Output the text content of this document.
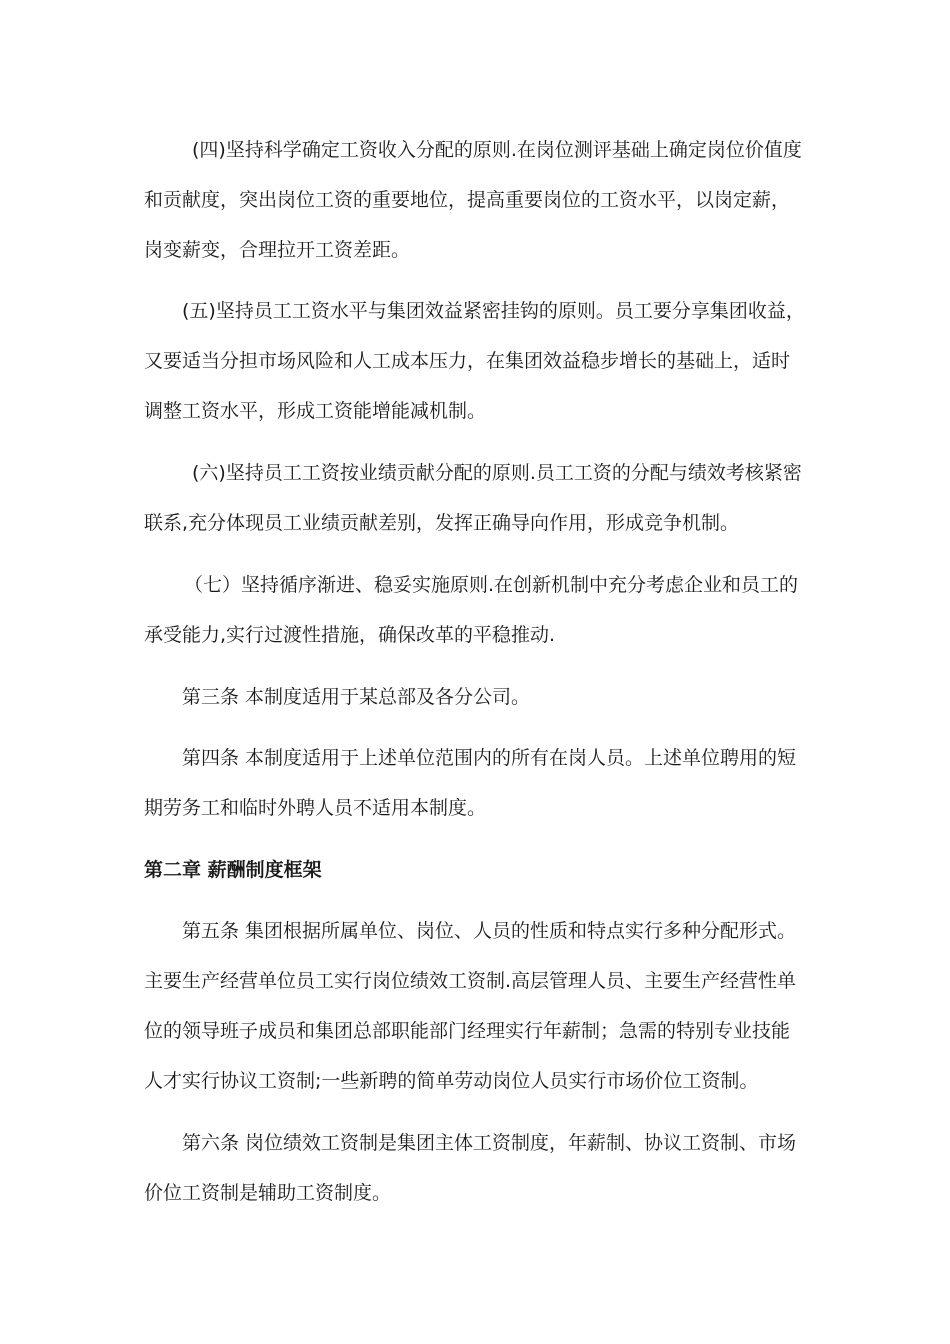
(四)坚持科学确定工资收入分配的原则.在岗位测评基础上确定岗位价值度
和贡献度，突出岗位工资的重要地位，提高重要岗位的工资水平，以岗定薪，
岗变薪变，合理拉开工资差距。
(五)坚持员工工资水平与集团效益紧密挂钩的原则。员工要分享集团收益，
又要适当分担市场风险和人工成本压力，在集团效益稳步增长的基础上，适时
调整工资水平，形成工资能增能减机制。
(六)坚持员工工资按业绩贡献分配的原则.员工工资的分配与绩效考核紧密
联系,充分体现员工业绩贡献差别，发挥正确导向作用，形成竞争机制。
（七）坚持循序渐进、稳妥实施原则.在创新机制中充分考虑企业和员工的
承受能力,实行过渡性措施，确保改革的平稳推动.
第三条 本制度适用于某总部及各分公司。
第四条 本制度适用于上述单位范围内的所有在岗人员。上述单位聘用的短
期劳务工和临时外聘人员不适用本制度。
第二章 薪酬制度框架
第五条 集团根据所属单位、岗位、人员的性质和特点实行多种分配形式。
主要生产经营单位员工实行岗位绩效工资制.高层管理人员、主要生产经营性单
位的领导班子成员和集团总部职能部门经理实行年薪制；急需的特别专业技能
人才实行协议工资制;一些新聘的简单劳动岗位人员实行市场价位工资制。
第六条 岗位绩效工资制是集团主体工资制度，年薪制、协议工资制、市场
价位工资制是辅助工资制度。
